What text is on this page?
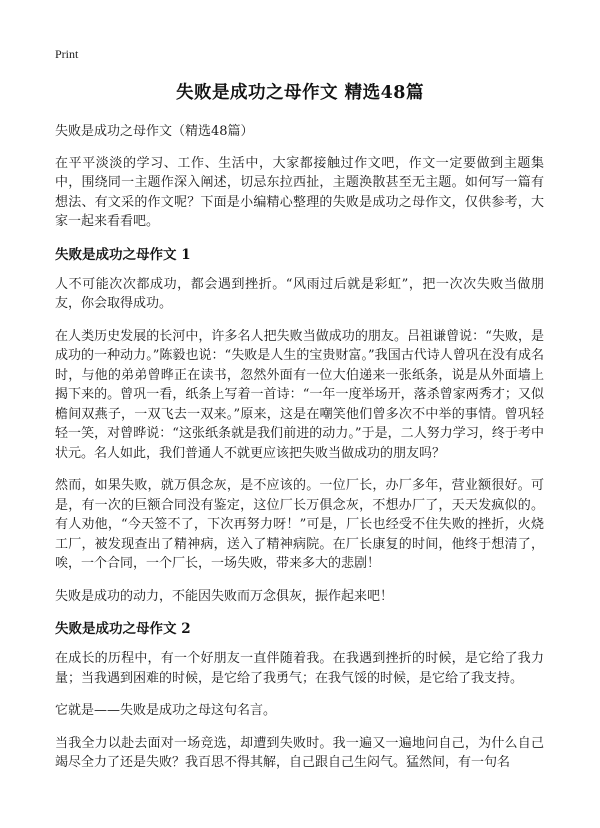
Print
失败是成功之母作文 精选48篇

失败是成功之母作文（精选48篇）

在平平淡淡的学习、工作、生活中，大家都接触过作文吧，作文一定要做到主题集中，围绕同一主题作深入阐述，切忌东拉西扯，主题涣散甚至无主题。如何写一篇有想法、有文采的作文呢？下面是小编精心整理的失败是成功之母作文，仅供参考，大家一起来看看吧。

失败是成功之母作文 1

人不可能次次都成功，都会遇到挫折。“风雨过后就是彩虹”，把一次次失败当做朋友，你会取得成功。

在人类历史发展的长河中，许多名人把失败当做成功的朋友。吕祖谦曾说：“失败，是成功的一种动力。”陈毅也说：“失败是人生的宝贵财富。”我国古代诗人曾巩在没有成名时，与他的弟弟曾晔正在读书，忽然外面有一位大伯递来一张纸条，说是从外面墙上揭下来的。曾巩一看，纸条上写着一首诗：“一年一度举场开，落杀曾家两秀才；又似檐间双燕子，一双飞去一双来。”原来，这是在嘲笑他们曾多次不中举的事情。曾巩轻轻一笑，对曾晔说：“这张纸条就是我们前进的动力。”于是，二人努力学习，终于考中状元。名人如此，我们普通人不就更应该把失败当做成功的朋友吗？

然而，如果失败，就万俱念灰，是不应该的。一位厂长，办厂多年，营业额很好。可是，有一次的巨额合同没有鉴定，这位厂长万俱念灰，不想办厂了，天天发疯似的。有人劝他，“今天签不了，下次再努力呀！”可是，厂长也经受不住失败的挫折，火烧工厂，被发现查出了精神病，送入了精神病院。在厂长康复的时间，他终于想清了，唉，一个合同，一个厂长，一场失败，带来多大的悲剧！

失败是成功的动力，不能因失败而万念俱灰，振作起来吧！

失败是成功之母作文 2

在成长的历程中，有一个好朋友一直伴随着我。在我遇到挫折的时候，是它给了我力量；当我遇到困难的时候，是它给了我勇气；在我气馁的时候，是它给了我支持。

它就是——失败是成功之母这句名言。

当我全力以赴去面对一场竞选，却遭到失败时。我一遍又一遍地问自己，为什么自己竭尽全力了还是失败？我百思不得其解，自己跟自己生闷气。猛然间，有一句名
